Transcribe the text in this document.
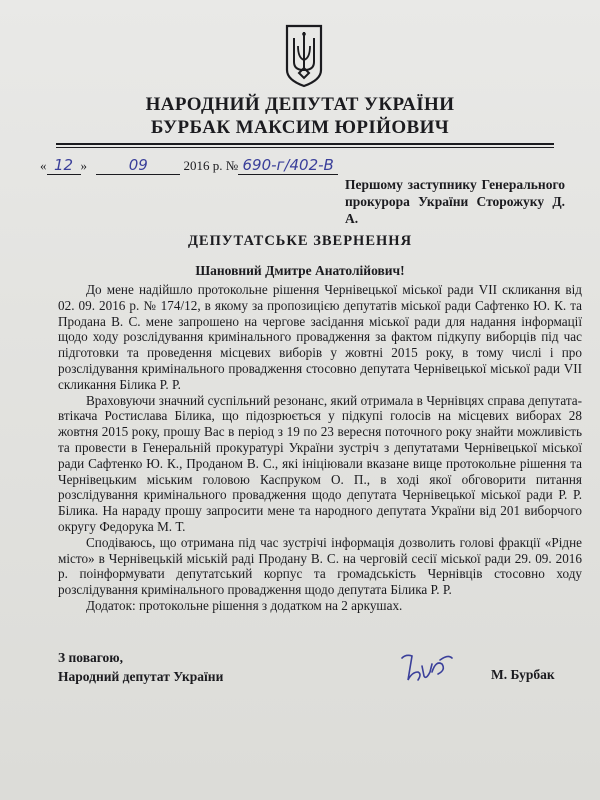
НАРОДНИЙ ДЕПУТАТ УКРАЇНИ
БУРБАК МАКСИМ ЮРІЙОВИЧ
« 12 »	09	2016 р. № 690-г/402-В
Першому заступнику Генерального прокурора України Сторожуку Д. А.
ДЕПУТАТСЬКЕ ЗВЕРНЕННЯ
Шановний Дмитре Анатолійович!

До мене надійшло протокольне рішення Чернівецької міської ради VII скликання від 02. 09. 2016 р. № 174/12, в якому за пропозицією депутатів міської ради Сафтенко Ю. К. та Продана В. С. мене запрошено на чергове засідання міської ради для надання інформації щодо ходу розслідування кримінального провадження за фактом підкупу виборців під час підготовки та проведення місцевих виборів у жовтні 2015 року, в тому числі і про розслідування кримінального провадження стосовно депутата Чернівецької міської ради VII скликання Білика Р. Р.

Враховуючи значний суспільний резонанс, який отримала в Чернівцях справа депутата-втікача Ростислава Білика, що підозрюється у підкупі голосів на місцевих виборах 28 жовтня 2015 року, прошу Вас в період з 19 по 23 вересня поточного року знайти можливість та провести в Генеральній прокуратурі України зустріч з депутатами Чернівецької міської ради Сафтенко Ю. К., Проданом В. С., які ініціювали вказане вище протокольне рішення та Чернівецьким міським головою Каспруком О. П., в ході якої обговорити питання розслідування кримінального провадження щодо депутата Чернівецької міської ради Р. Р. Білика. На нараду прошу запросити мене та народного депутата України від 201 виборчого округу Федорука М. Т.

Сподіваюсь, що отримана під час зустрічі інформація дозволить голові фракції «Рідне місто» в Чернівецькій міській раді Продану В. С. на черговій сесії міської ради 29. 09. 2016 р. поінформувати депутатський корпус та громадськість Чернівців стосовно ходу розслідування кримінального провадження щодо депутата Білика Р. Р.

Додаток: протокольне рішення з додатком на 2 аркушах.

З повагою,
Народний депутат України	М. Бурбак
